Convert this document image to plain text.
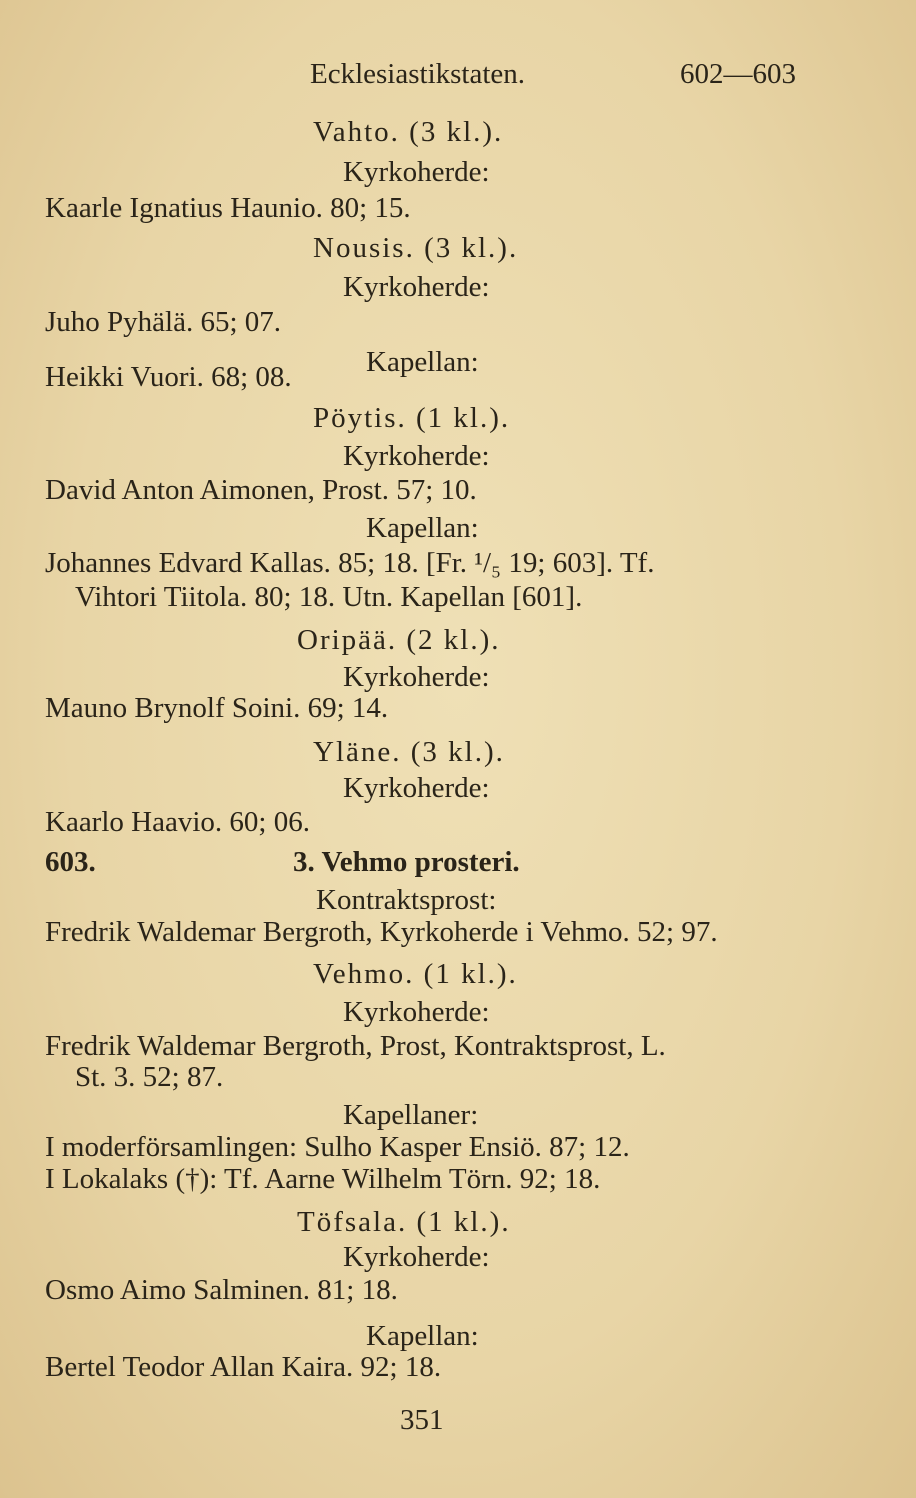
Ecklesiastikstaten.	602—603
Vahto. (3 kl.).
Kyrkoherde:
Kaarle Ignatius Haunio. 80; 15.
Nousis. (3 kl.).
Kyrkoherde:
Juho Pyhälä. 65; 07.
Kapellan:
Heikki Vuori. 68; 08.
Pöytis. (1 kl.).
Kyrkoherde:
David Anton Aimonen, Prost. 57; 10.
Kapellan:
Johannes Edvard Kallas. 85; 18. [Fr. ¹/₅ 19; 603]. Tf.
Vihtori Tiitola. 80; 18. Utn. Kapellan [601].
Oripää. (2 kl.).
Kyrkoherde:
Mauno Brynolf Soini. 69; 14.
Yläne. (3 kl.).
Kyrkoherde:
Kaarlo Haavio. 60; 06.
603.	3. Vehmo prosteri.
Kontraktsprost:
Fredrik Waldemar Bergroth, Kyrkoherde i Vehmo. 52; 97.
Vehmo. (1 kl.).
Kyrkoherde:
Fredrik Waldemar Bergroth, Prost, Kontraktsprost, L.
St. 3. 52; 87.
Kapellaner:
I moderförsamlingen: Sulho Kasper Ensiö. 87; 12.
I Lokalaks (†): Tf. Aarne Wilhelm Törn. 92; 18.
Töfsala. (1 kl.).
Kyrkoherde:
Osmo Aimo Salminen. 81; 18.
Kapellan:
Bertel Teodor Allan Kaira. 92; 18.
351
